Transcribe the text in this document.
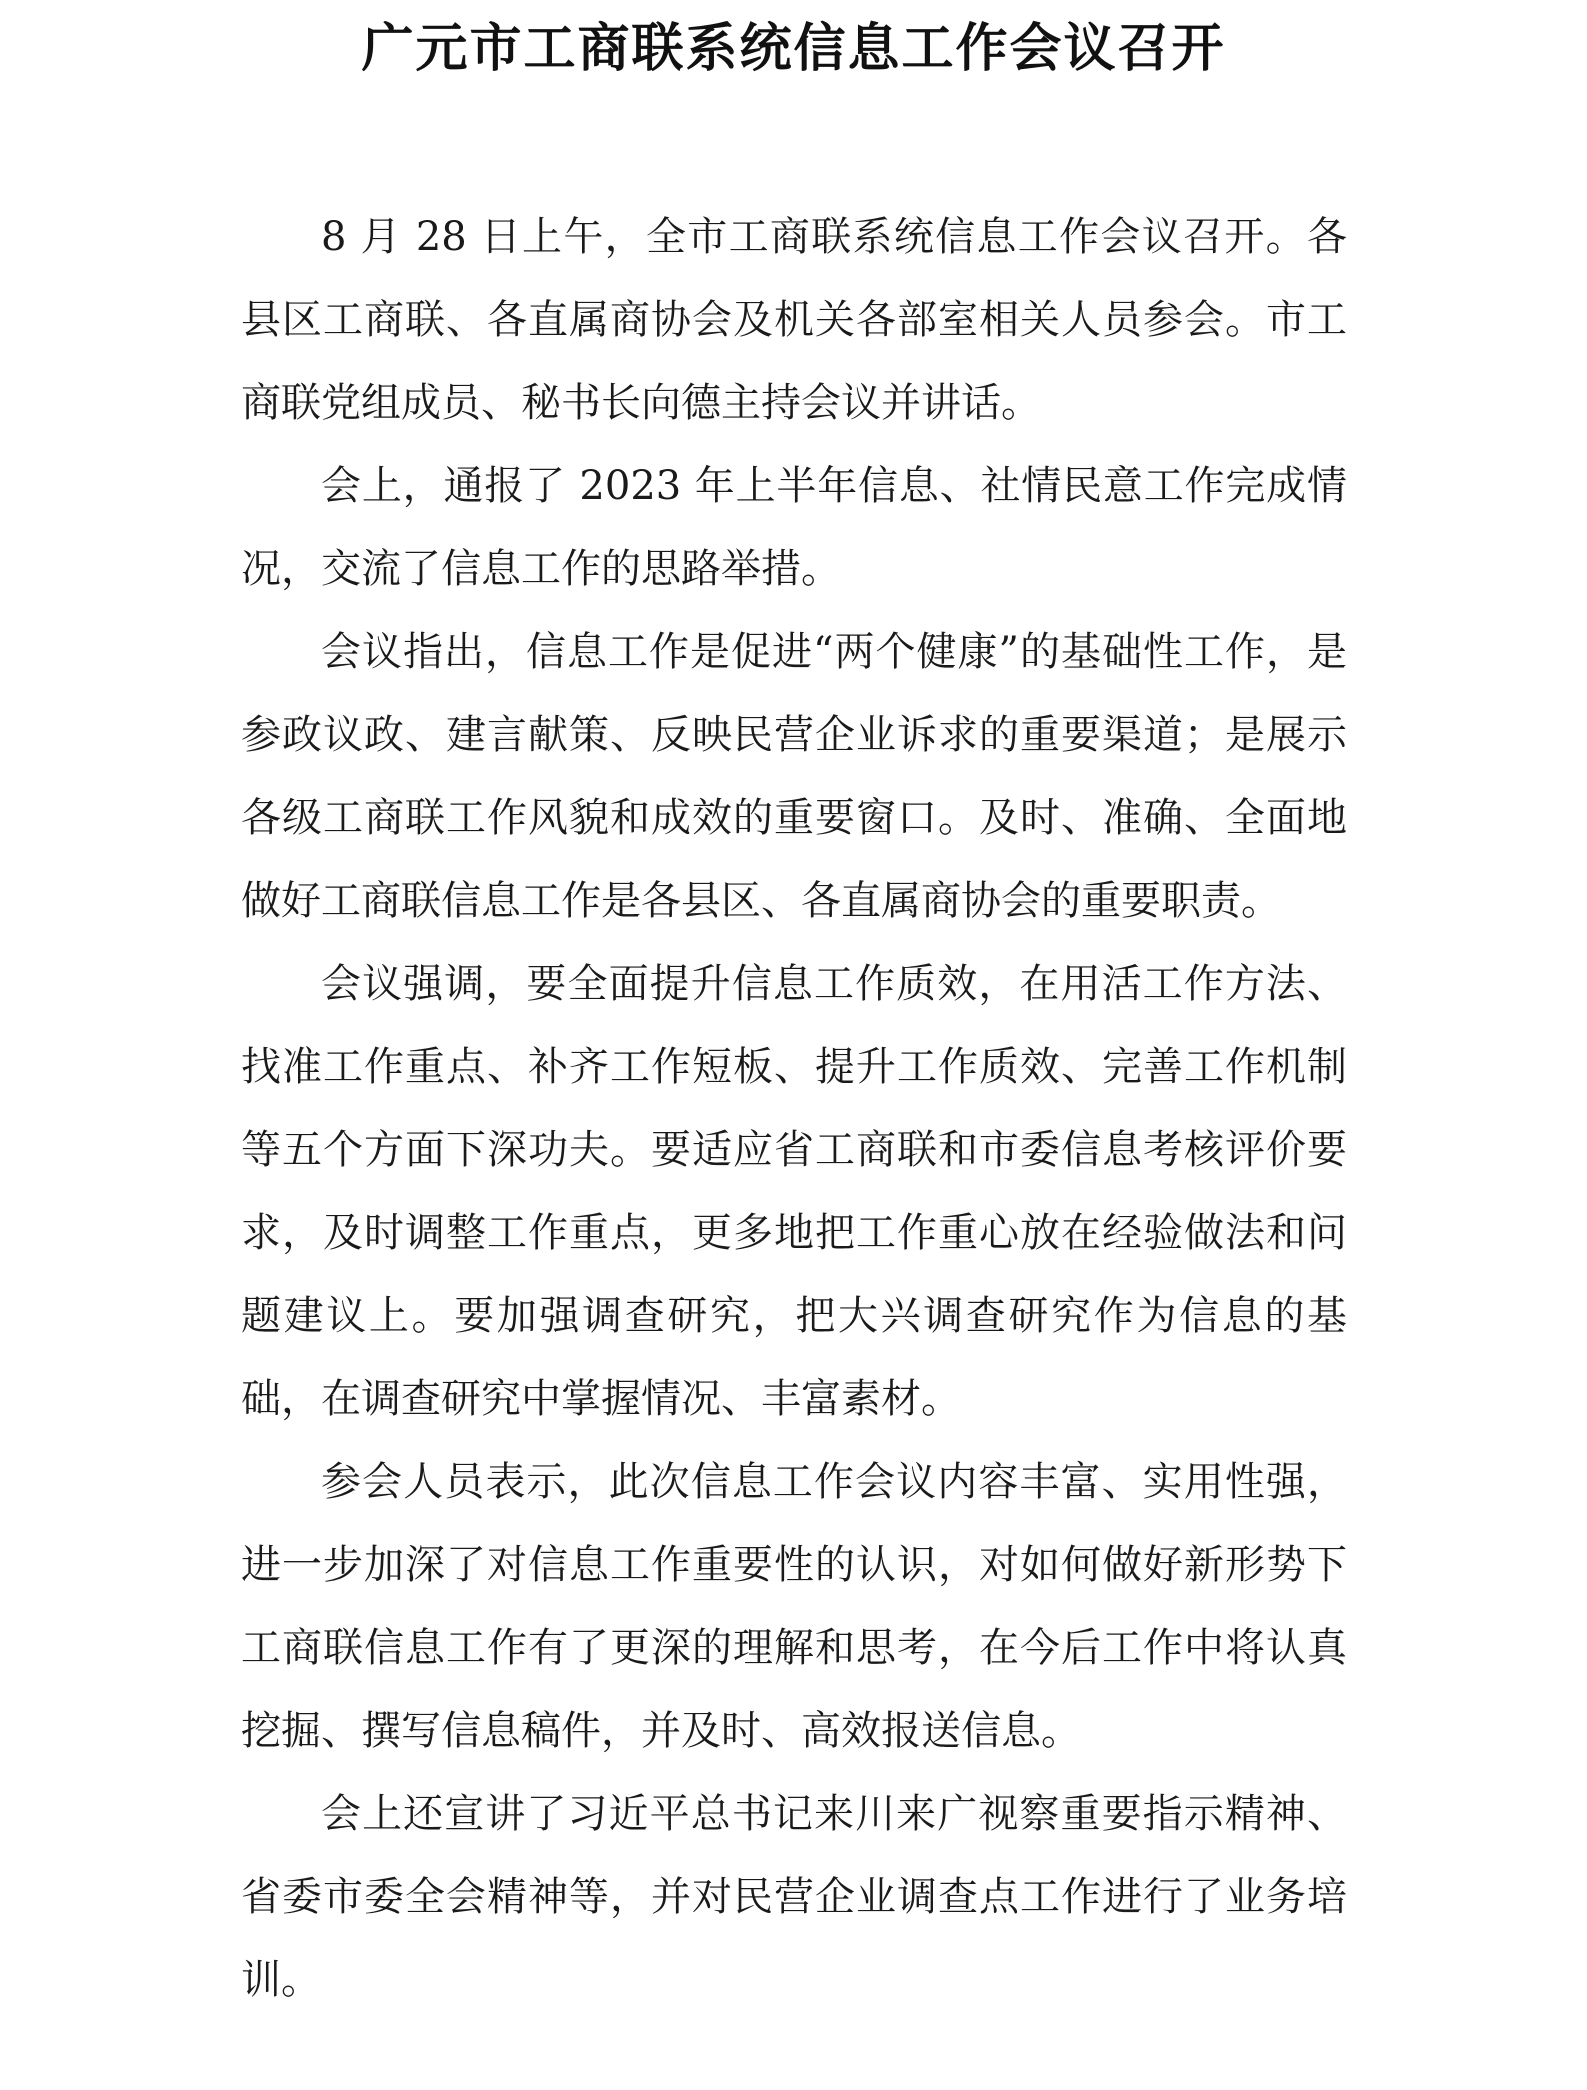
广元市工商联系统信息工作会议召开

8 月 28 日上午，全市工商联系统信息工作会议召开。各县区工商联、各直属商协会及机关各部室相关人员参会。市工商联党组成员、秘书长向德主持会议并讲话。

会上，通报了 2023 年上半年信息、社情民意工作完成情况，交流了信息工作的思路举措。

会议指出，信息工作是促进“两个健康”的基础性工作，是参政议政、建言献策、反映民营企业诉求的重要渠道；是展示各级工商联工作风貌和成效的重要窗口。及时、准确、全面地做好工商联信息工作是各县区、各直属商协会的重要职责。

会议强调，要全面提升信息工作质效，在用活工作方法、找准工作重点、补齐工作短板、提升工作质效、完善工作机制等五个方面下深功夫。要适应省工商联和市委信息考核评价要求，及时调整工作重点，更多地把工作重心放在经验做法和问题建议上。要加强调查研究，把大兴调查研究作为信息的基础，在调查研究中掌握情况、丰富素材。

参会人员表示，此次信息工作会议内容丰富、实用性强，进一步加深了对信息工作重要性的认识，对如何做好新形势下工商联信息工作有了更深的理解和思考，在今后工作中将认真挖掘、撰写信息稿件，并及时、高效报送信息。

会上还宣讲了习近平总书记来川来广视察重要指示精神、省委市委全会精神等，并对民营企业调查点工作进行了业务培训。
